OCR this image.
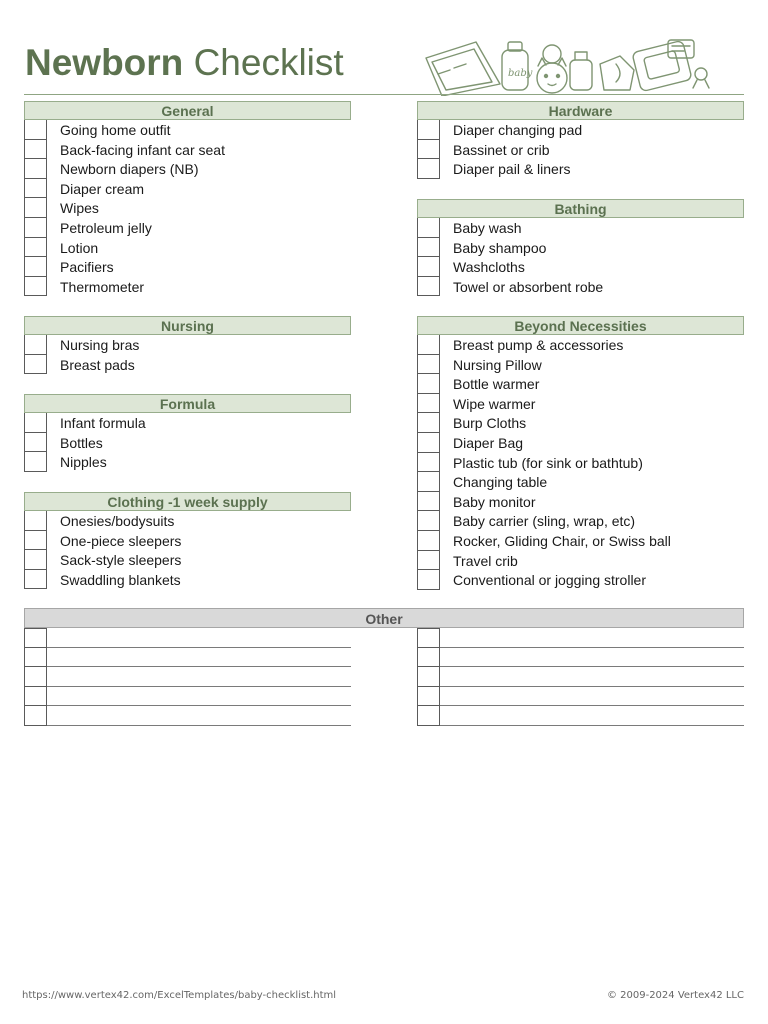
Newborn Checklist	baby
General
Going home outfit
Back-facing infant car seat
Newborn diapers (NB)
Diaper cream
Wipes
Petroleum jelly
Lotion
Pacifiers
Thermometer
Nursing
Nursing bras
Breast pads
Formula
Infant formula
Bottles
Nipples
Clothing -1 week supply
Onesies/bodysuits
One-piece sleepers
Sack-style sleepers
Swaddling blankets
Hardware
Diaper changing pad
Bassinet or crib
Diaper pail & liners
Bathing
Baby wash
Baby shampoo
Washcloths
Towel or absorbent robe
Beyond Necessities
Breast pump & accessories
Nursing Pillow
Bottle warmer
Wipe warmer
Burp Cloths
Diaper Bag
Plastic tub (for sink or bathtub)
Changing table
Baby monitor
Baby carrier (sling, wrap, etc)
Rocker, Gliding Chair, or Swiss ball
Travel crib
Conventional or jogging stroller
Other
https://www.vertex42.com/ExcelTemplates/baby-checklist.html	© 2009-2024 Vertex42 LLC
